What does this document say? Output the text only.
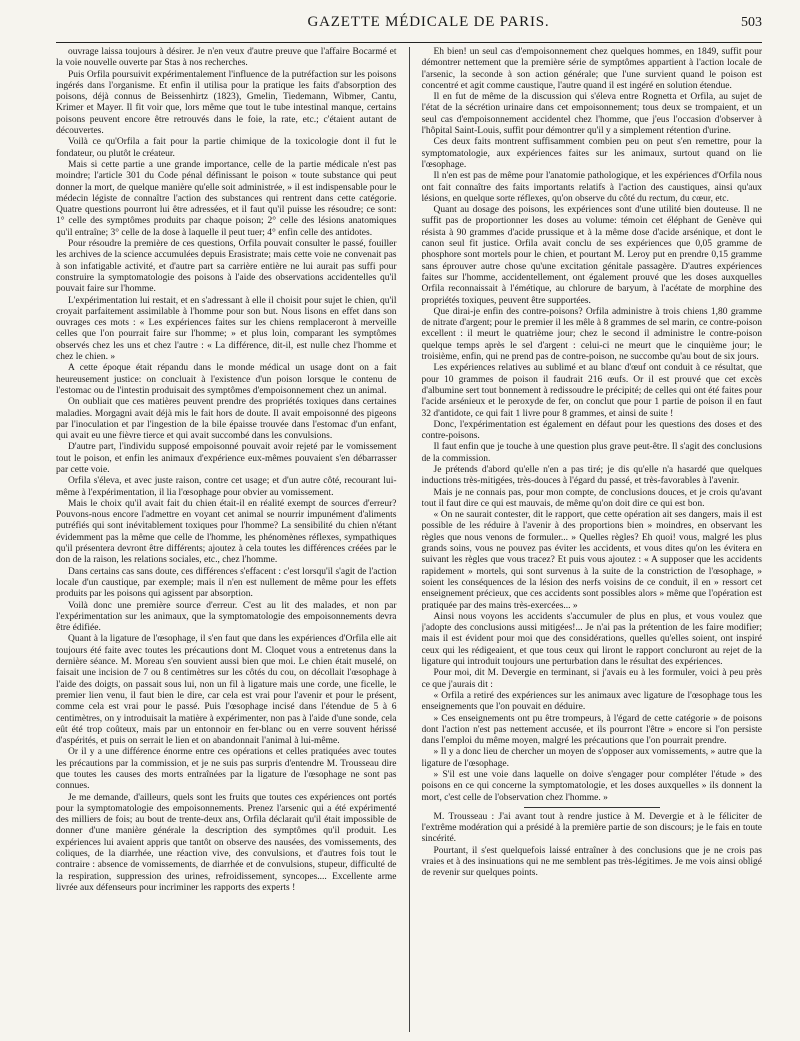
GAZETTE MÉDICALE DE PARIS.	503

ouvrage laissa toujours à désirer. Je n'en veux d'autre preuve que l'affaire Bocarmé et la voie nouvelle ouverte par Stas à nos recherches.

Puis Orfila poursuivit expérimentalement l'influence de la putréfaction sur les poisons ingérés dans l'organisme. Et enfin il utilisa pour la pratique les faits d'absorption des poisons, déjà connus de Beissenhirtz (1823), Gmelin, Tiedemann, Wibmer, Cantu, Krimer et Mayer. Il fit voir que, lors même que tout le tube intestinal manque, certains poisons peuvent encore être retrouvés dans le foie, la rate, etc.; c'étaient autant de découvertes.

Voilà ce qu'Orfila a fait pour la partie chimique de la toxicologie dont il fut le fondateur, ou plutôt le créateur.

Mais si cette partie a une grande importance, celle de la partie médicale n'est pas moindre; l'article 301 du Code pénal définissant le poison « toute substance qui peut donner la mort, de quelque manière qu'elle soit administrée, » il est indispensable pour le médecin légiste de connaître l'action des substances qui rentrent dans cette catégorie. Quatre questions pourront lui être adressées, et il faut qu'il puisse les résoudre; ce sont: 1° celle des symptômes produits par chaque poison; 2° celle des lésions anatomiques qu'il entraîne; 3° celle de la dose à laquelle il peut tuer; 4° enfin celle des antidotes.

Pour résoudre la première de ces questions, Orfila pouvait consulter le passé, fouiller les archives de la science accumulées depuis Erasistrate; mais cette voie ne convenait pas à son infatigable activité, et d'autre part sa carrière entière ne lui aurait pas suffi pour construire la symptomatologie des poisons à l'aide des observations accidentelles qu'il pouvait faire sur l'homme.

L'expérimentation lui restait, et en s'adressant à elle il choisit pour sujet le chien, qu'il croyait parfaitement assimilable à l'homme pour son but. Nous lisons en effet dans son ouvrages ces mots : « Les expériences faites sur les chiens remplaceront à merveille celles que l'on pourrait faire sur l'homme; » et plus loin, comparant les symptômes observés chez les uns et chez l'autre : « La différence, dit-il, est nulle chez l'homme et chez le chien. »

A cette époque était répandu dans le monde médical un usage dont on a fait heureusement justice: on concluait à l'existence d'un poison lorsque le contenu de l'estomac ou de l'intestin produisait des symptômes d'empoisonnement chez un animal.

On oubliait que ces matières peuvent prendre des propriétés toxiques dans certaines maladies. Morgagni avait déjà mis le fait hors de doute. Il avait empoisonné des pigeons par l'inoculation et par l'ingestion de la bile épaisse trouvée dans l'estomac d'un enfant, qui avait eu une fièvre tierce et qui avait succombé dans les convulsions.

D'autre part, l'individu supposé empoisonné pouvait avoir rejeté par le vomissement tout le poison, et enfin les animaux d'expérience eux-mêmes pouvaient s'en débarrasser par cette voie.

Orfila s'éleva, et avec juste raison, contre cet usage; et d'un autre côté, recourant lui-même à l'expérimentation, il lia l'œsophage pour obvier au vomissement.

Mais le choix qu'il avait fait du chien était-il en réalité exempt de sources d'erreur? Pouvons-nous encore l'admettre en voyant cet animal se nourrir impunément d'aliments putréfiés qui sont inévitablement toxiques pour l'homme? La sensibilité du chien n'étant évidemment pas la même que celle de l'homme, les phénomènes réflexes, sympathiques qu'il présentera devront être différents; ajoutez à cela toutes les différences créées par le don de la raison, les relations sociales, etc., chez l'homme.

Dans certains cas sans doute, ces différences s'effacent : c'est lorsqu'il s'agit de l'action locale d'un caustique, par exemple; mais il n'en est nullement de même pour les effets produits par les poisons qui agissent par absorption.

Voilà donc une première source d'erreur. C'est au lit des malades, et non par l'expérimentation sur les animaux, que la symptomatologie des empoisonnements devra être édifiée.

Quant à la ligature de l'œsophage, il s'en faut que dans les expériences d'Orfila elle ait toujours été faite avec toutes les précautions dont M. Cloquet vous a entretenus dans la dernière séance. M. Moreau s'en souvient aussi bien que moi. Le chien était muselé, on faisait une incision de 7 ou 8 centimètres sur les côtés du cou, on décollait l'œsophage à l'aide des doigts, on passait sous lui, non un fil à ligature mais une corde, une ficelle, le premier lien venu, il faut bien le dire, car cela est vrai pour l'avenir et pour le présent, comme cela est vrai pour le passé. Puis l'œsophage incisé dans l'étendue de 5 à 6 centimètres, on y introduisait la matière à expérimenter, non pas à l'aide d'une sonde, cela eût été trop coûteux, mais par un entonnoir en fer-blanc ou en verre souvent hérissé d'aspérités, et puis on serrait le lien et on abandonnait l'animal à lui-même.

Or il y a une différence énorme entre ces opérations et celles pratiquées avec toutes les précautions par la commission, et je ne suis pas surpris d'entendre M. Trousseau dire que toutes les causes des morts entraînées par la ligature de l'œsophage ne sont pas connues.

Je me demande, d'ailleurs, quels sont les fruits que toutes ces expériences ont portés pour la symptomatologie des empoisonnements. Prenez l'arsenic qui a été expérimenté des milliers de fois; au bout de trente-deux ans, Orfila déclarait qu'il était impossible de donner d'une manière générale la description des symptômes qu'il produit. Les expériences lui avaient appris que tantôt on observe des nausées, des vomissements, des coliques, de la diarrhée, une réaction vive, des convulsions, et d'autres fois tout le contraire : absence de vomissements, de diarrhée et de convulsions, stupeur, difficulté de la respiration, suppression des urines, refroidissement, syncopes.... Excellente arme livrée aux défenseurs pour incriminer les rapports des experts !

Eh bien! un seul cas d'empoisonnement chez quelques hommes, en 1849, suffit pour démontrer nettement que la première série de symptômes appartient à l'action locale de l'arsenic, la seconde à son action générale; que l'une survient quand le poison est concentré et agit comme caustique, l'autre quand il est ingéré en solution étendue.

Il en fut de même de la discussion qui s'éleva entre Rognetta et Orfila, au sujet de l'état de la sécrétion urinaire dans cet empoisonnement; tous deux se trompaient, et un seul cas d'empoisonnement accidentel chez l'homme, que j'eus l'occasion d'observer à l'hôpital Saint-Louis, suffit pour démontrer qu'il y a simplement rétention d'urine.

Ces deux faits montrent suffisamment combien peu on peut s'en remettre, pour la symptomatologie, aux expériences faites sur les animaux, surtout quand on lie l'œsophage.

Il n'en est pas de même pour l'anatomie pathologique, et les expériences d'Orfila nous ont fait connaître des faits importants relatifs à l'action des caustiques, ainsi qu'aux lésions, en quelque sorte réflexes, qu'on observe du côté du rectum, du cœur, etc.

Quant au dosage des poisons, les expériences sont d'une utilité bien douteuse. Il ne suffit pas de proportionner les doses au volume: témoin cet éléphant de Genève qui résista à 90 grammes d'acide prussique et à la même dose d'acide arsénique, et dont le canon seul fit justice. Orfila avait conclu de ses expériences que 0,05 gramme de phosphore sont mortels pour le chien, et pourtant M. Leroy put en prendre 0,15 gramme sans éprouver autre chose qu'une excitation génitale passagère. D'autres expériences faites sur l'homme, accidentellement, ont également prouvé que les doses auxquelles Orfila reconnaissait à l'émétique, au chlorure de baryum, à l'acétate de morphine des propriétés toxiques, peuvent être supportées.

Que dirai-je enfin des contre-poisons? Orfila administre à trois chiens 1,80 gramme de nitrate d'argent; pour le premier il les mêle à 8 grammes de sel marin, ce contre-poison excellent : il meurt le quatrième jour; chez le second il administre le contre-poison quelque temps après le sel d'argent : celui-ci ne meurt que le cinquième jour; le troisième, enfin, qui ne prend pas de contre-poison, ne succombe qu'au bout de six jours.

Les expériences relatives au sublimé et au blanc d'œuf ont conduit à ce résultat, que pour 10 grammes de poison il faudrait 216 œufs. Or il est prouvé que cet excès d'albumine sert tout bonnement à redissoudre le précipité; de celles qui ont été faites pour l'acide arsénieux et le peroxyde de fer, on conclut que pour 1 partie de poison il en faut 32 d'antidote, ce qui fait 1 livre pour 8 grammes, et ainsi de suite !

Donc, l'expérimentation est également en défaut pour les questions des doses et des contre-poisons.

Il faut enfin que je touche à une question plus grave peut-être. Il s'agit des conclusions de la commission.

Je prétends d'abord qu'elle n'en a pas tiré; je dis qu'elle n'a hasardé que quelques inductions très-mitigées, très-douces à l'égard du passé, et très-favorables à l'avenir.

Mais je ne connais pas, pour mon compte, de conclusions douces, et je crois qu'avant tout il faut dire ce qui est mauvais, de même qu'on doit dire ce qui est bon.

« On ne saurait contester, dit le rapport, que cette opération ait ses dangers, mais il est possible de les réduire à l'avenir à des proportions bien » moindres, en observant les règles que nous venons de formuler... » Quelles règles? Eh quoi! vous, malgré les plus grands soins, vous ne pouvez pas éviter les accidents, et vous dites qu'on les évitera en suivant les règles que vous tracez? Et puis vous ajoutez : « A supposer que les accidents rapidement » mortels, qui sont survenus à la suite de la constriction de l'œsophage, » soient les conséquences de la lésion des nerfs voisins de ce conduit, il en » ressort cet enseignement précieux, que ces accidents sont possibles alors » même que l'opération est pratiquée par des mains très-exercées... »

Ainsi nous voyons les accidents s'accumuler de plus en plus, et vous voulez que j'adopte des conclusions aussi mitigées!... Je n'ai pas la prétention de les faire modifier; mais il est évident pour moi que des considérations, quelles qu'elles soient, ont inspiré ceux qui les rédigeaient, et que tous ceux qui liront le rapport concluront au rejet de la ligature qui introduit toujours une perturbation dans le résultat des expériences.

Pour moi, dit M. Devergie en terminant, si j'avais eu à les formuler, voici à peu près ce que j'aurais dit :

« Orfila a retiré des expériences sur les animaux avec ligature de l'œsophage tous les enseignements que l'on pouvait en déduire.

» Ces enseignements ont pu être trompeurs, à l'égard de cette catégorie » de poisons dont l'action n'est pas nettement accusée, et ils pourront l'être » encore si l'on persiste dans l'emploi du même moyen, malgré les précautions que l'on pourrait prendre.

» Il y a donc lieu de chercher un moyen de s'opposer aux vomissements, » autre que la ligature de l'œsophage.

» S'il est une voie dans laquelle on doive s'engager pour compléter l'étude » des poisons en ce qui concerne la symptomatologie, et les doses auxquelles » ils donnent la mort, c'est celle de l'observation chez l'homme. »

M. Trousseau : J'ai avant tout à rendre justice à M. Devergie et à le féliciter de l'extrême modération qui a présidé à la première partie de son discours; je le fais en toute sincérité.

Pourtant, il s'est quelquefois laissé entraîner à des conclusions que je ne crois pas vraies et à des insinuations qui ne me semblent pas très-légitimes. Je me vois ainsi obligé de revenir sur quelques points.
